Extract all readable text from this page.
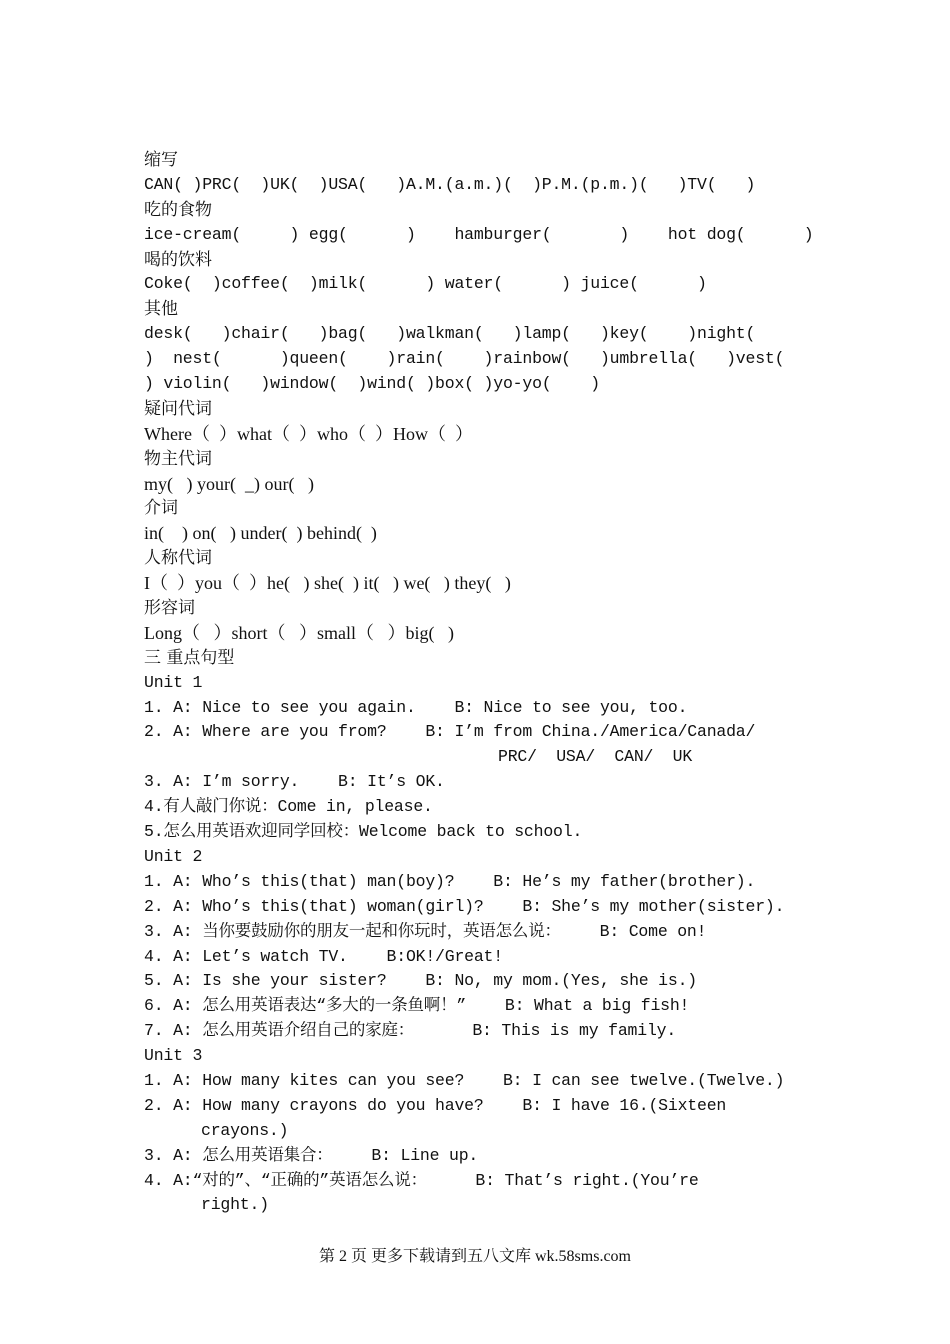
缩写
CAN( )PRC(  )UK(  )USA(   )A.M.(a.m.)(  )P.M.(p.m.)(   )TV(   )
吃的食物
ice-cream(     ) egg(      )    hamburger(       )    hot dog(      )
喝的饮料
Coke(  )coffee(  )milk(      ) water(      ) juice(      )
其他
desk(   )chair(   )bag(   )walkman(   )lamp(   )key(    )night(
)  nest(      )queen(    )rain(    )rainbow(   )umbrella(   )vest(
) violin(   )window(  )wind( )box( )yo-yo(    )
疑问代词
Where（  ）what（  ）who（  ）How（  ）
物主代词
my(   ) your(  _) our(   )
介词
in(    ) on(   ) under(  ) behind(  )
人称代词
I（  ）you（  ）he(   ) she(  ) it(   ) we(   ) they(   )
形容词
Long（   ）short（   ）small（   ）big(   )
三 重点句型
Unit 1
1. A: Nice to see you again.    B: Nice to see you, too.
2. A: Where are you from?    B: I’m from China./America/Canada/
PRC/  USA/  CAN/  UK
3. A: I’m sorry.    B: It’s OK.
4.有人敲门你说：Come in, please.
5.怎么用英语欢迎同学回校：Welcome back to school.
Unit 2
1. A: Who’s this(that) man(boy)?    B: He’s my father(brother).
2. A: Who’s this(that) woman(girl)?    B: She’s my mother(sister).
3. A: 当你要鼓励你的朋友一起和你玩时，英语怎么说：    B: Come on!
4. A: Let’s watch TV.    B:OK!/Great!
5. A: Is she your sister?    B: No, my mom.(Yes, she is.)
6. A: 怎么用英语表达“多大的一条鱼啊！”    B: What a big fish!
7. A: 怎么用英语介绍自己的家庭：      B: This is my family.
Unit 3
1. A: How many kites can you see?    B: I can see twelve.(Twelve.)
2. A: How many crayons do you have?    B: I have 16.(Sixteen
crayons.)
3. A: 怎么用英语集合：    B: Line up.
4. A:“对的”、“正确的”英语怎么说：     B: That’s right.(You’re
right.)
第 2 页 更多下载请到五八文库 wk.58sms.com
